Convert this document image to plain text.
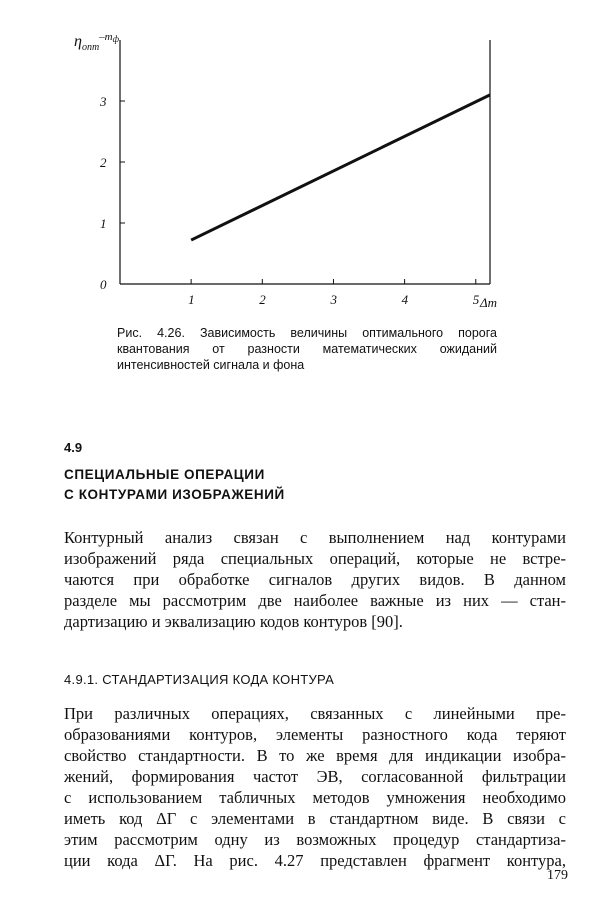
$\eta_{опт}^-mф$
1	2	3	4	5
0
1
2
3
Δm
Рис. 4.26. Зависимость величины оптимального порога
квантования от разности математических ожиданий
интенсивностей сигнала и фона
4.9
СПЕЦИАЛЬНЫЕ ОПЕРАЦИИ
С КОНТУРАМИ ИЗОБРАЖЕНИЙ
Контурный анализ связан с выполнением над контурами
изображений ряда специальных операций, которые не встре-
чаются при обработке сигналов других видов. В данном
разделе мы рассмотрим две наиболее важные из них — стан-
дартизацию и эквализацию кодов контуров [90].
4.9.1. СТАНДАРТИЗАЦИЯ КОДА КОНТУРА
При различных операциях, связанных с линейными пре-
образованиями контуров, элементы разностного кода теряют
свойство стандартности. В то же время для индикации изобра-
жений, формирования частот ЭВ, согласованной фильтрации
с использованием табличных методов умножения необходимо
иметь код ΔΓ с элементами в стандартном виде. В связи с
этим рассмотрим одну из возможных процедур стандартиза-
ции кода ΔΓ. На рис. 4.27 представлен фрагмент контура,
179
